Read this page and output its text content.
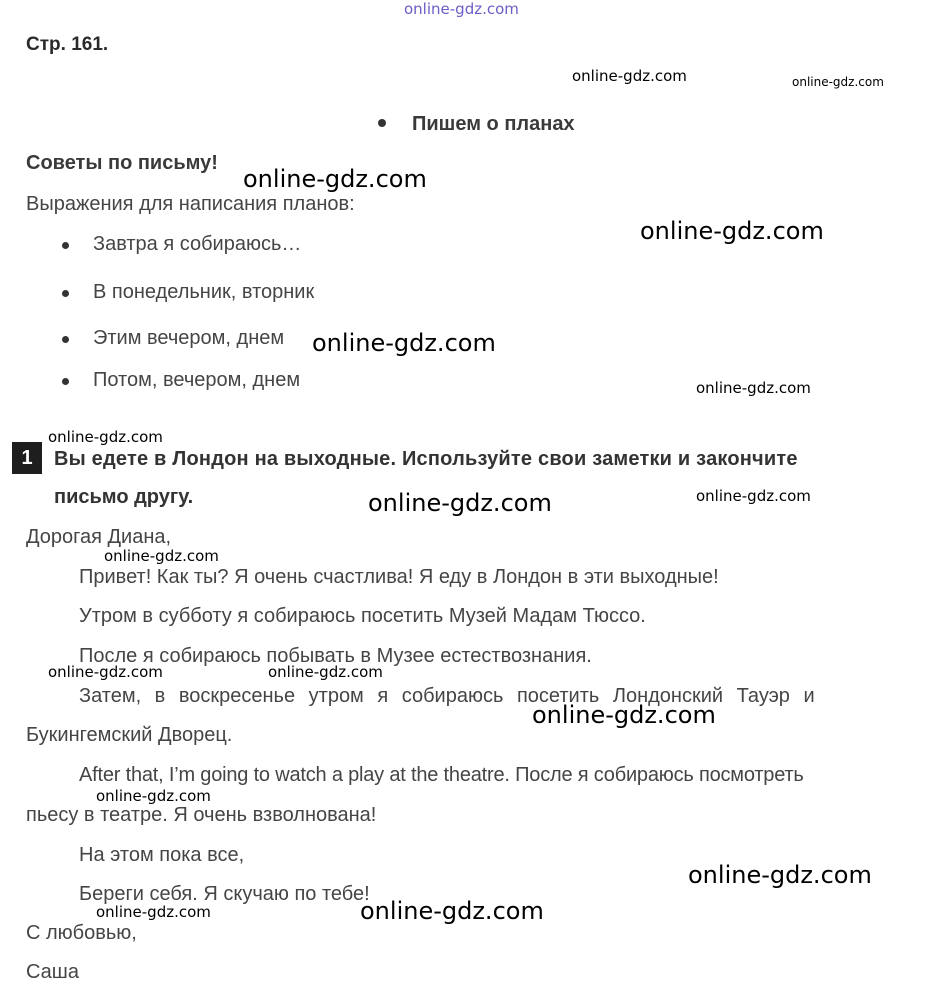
online-gdz.com
Стр. 161.
online-gdz.com	online-gdz.com
Пишем о планах
Советы по письму!
online-gdz.com
Выражения для написания планов:
online-gdz.com
Завтра я собираюсь…
В понедельник, вторник
Этим вечером, днем online-gdz.com
Потом, вечером, днем	online-gdz.com
online-gdz.com
1	Вы едете в Лондон на выходные. Используйте свои заметки и закончите
письмо другу.	online-gdz.com
online-gdz.com
Дорогая Диана,
online-gdz.com
Привет! Как ты? Я очень счастлива! Я еду в Лондон в эти выходные!
Утром в субботу я собираюсь посетить Музей Мадам Тюссо.
После я собираюсь побывать в Музее естествознания.
online-gdz.com	online-gdz.com
Затем, в воскресенье утром я собираюсь посетить Лондонский Тауэр и
online-gdz.com
Букингемский Дворец.
After that, I’m going to watch a play at the theatre. После я собираюсь посмотреть
online-gdz.com
пьесу в театре. Я очень взволнована!
На этом пока все,
online-gdz.com
Береги себя. Я скучаю по тебе!
online-gdz.com	online-gdz.com
С любовью,
Саша
